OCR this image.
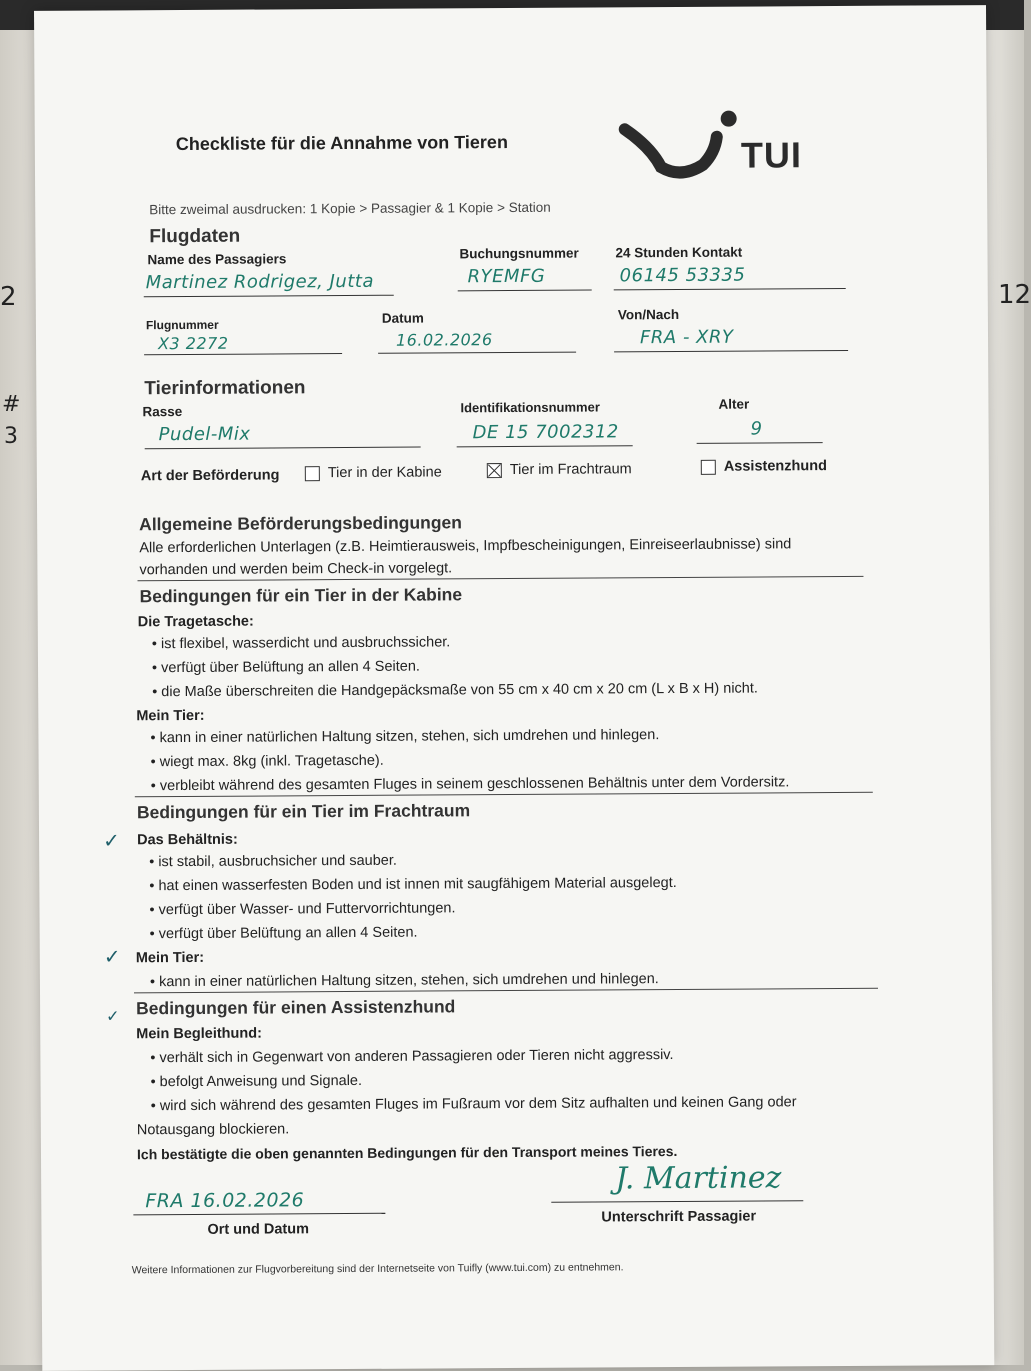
2
#
3
12
Checkliste für die Annahme von Tieren	TUI
Bitte zweimal ausdrucken: 1 Kopie > Passagier & 1 Kopie > Station
Flugdaten
Name des Passagiers
Martinez Rodrigez, Jutta
Buchungsnummer
RYEMFG
24 Stunden Kontakt
06145 53335
Flugnummer
X3 2272
Datum
16.02.2026
Von/Nach
FRA - XRY
Tierinformationen
Rasse
Pudel-Mix
Identifikationsnummer
DE 15 7002312
Alter
9
Art der Beförderung	Tier in der Kabine	Tier im Frachtraum	Assistenzhund
Allgemeine Beförderungsbedingungen
Alle erforderlichen Unterlagen (z.B. Heimtierausweis, Impfbescheinigungen, Einreiseerlaubnisse) sind
vorhanden und werden beim Check-in vorgelegt.
Bedingungen für ein Tier in der Kabine
Die Tragetasche:
• ist flexibel, wasserdicht und ausbruchssicher.
• verfügt über Belüftung an allen 4 Seiten.
• die Maße überschreiten die Handgepäcksmaße von 55 cm x 40 cm x 20 cm (L x B x H) nicht.
Mein Tier:
• kann in einer natürlichen Haltung sitzen, stehen, sich umdrehen und hinlegen.
• wiegt max. 8kg (inkl. Tragetasche).
• verbleibt während des gesamten Fluges in seinem geschlossenen Behältnis unter dem Vordersitz.
Bedingungen für ein Tier im Frachtraum
✓ Das Behältnis:
• ist stabil, ausbruchsicher und sauber.
• hat einen wasserfesten Boden und ist innen mit saugfähigem Material ausgelegt.
• verfügt über Wasser- und Futtervorrichtungen.
• verfügt über Belüftung an allen 4 Seiten.
✓ Mein Tier:
• kann in einer natürlichen Haltung sitzen, stehen, sich umdrehen und hinlegen.
Bedingungen für einen Assistenzhund
✓
Mein Begleithund:
• verhält sich in Gegenwart von anderen Passagieren oder Tieren nicht aggressiv.
• befolgt Anweisung und Signale.
• wird sich während des gesamten Fluges im Fußraum vor dem Sitz aufhalten und keinen Gang oder
Notausgang blockieren.
Ich bestätigte die oben genannten Bedingungen für den Transport meines Tieres.
FRA 16.02.2026
Ort und Datum
J. Martinez
Unterschrift Passagier
Weitere Informationen zur Flugvorbereitung sind der Internetseite von Tuifly (www.tui.com) zu entnehmen.
